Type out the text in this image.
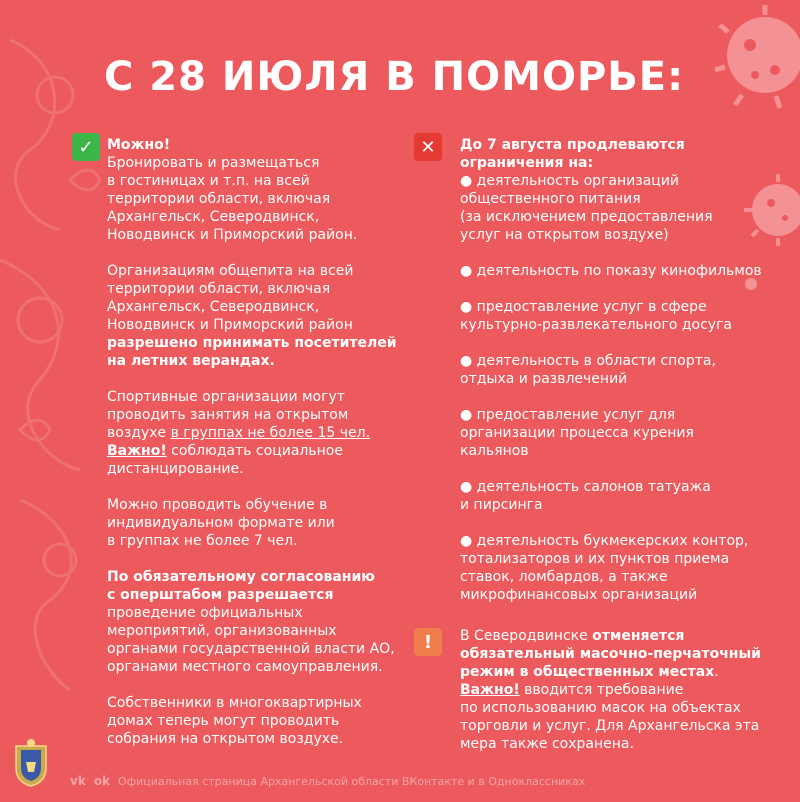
С 28 ИЮЛЯ В ПОМОРЬЕ:
✓	✕
!
Можно!
Бронировать и размещаться
в гостиницах и т.п. на всей
территории области, включая
Архангельск, Северодвинск,
Новодвинск и Приморский район.
Организациям общепита на всей
территории области, включая
Архангельск, Северодвинск,
Новодвинск и Приморский район
разрешено принимать посетителей
на летних верандах.
Спортивные организации могут
проводить занятия на открытом
воздухе в группах не более 15 чел.
Важно! соблюдать социальное
дистанцирование.
Можно проводить обучение в
индивидуальном формате или
в группах не более 7 чел.
По обязательному согласованию
с оперштабом разрешается
проведение официальных
мероприятий, организованных
органами государственной власти АО,
органами местного самоуправления.
Собственники в многоквартирных
домах теперь могут проводить
собрания на открытом воздухе.
До 7 августа продлеваются
ограничения на:
● деятельность организаций
общественного питания
(за исключением предоставления
услуг на открытом воздухе)
● деятельность по показу кинофильмов
● предоставление услуг в сфере
культурно-развлекательного досуга
● деятельность в области спорта,
отдыха и развлечений
● предоставление услуг для
организации процесса курения
кальянов
● деятельность салонов татуажа
и пирсинга
● деятельность букмекерских контор,
тотализаторов и их пунктов приема
ставок, ломбардов, а также
микрофинансовых организаций
В Северодвинске отменяется
обязательный масочно-перчаточный
режим в общественных местах.
Важно! вводится требование
по использованию масок на объектах
торговли и услуг. Для Архангельска эта
мера также сохранена.
vk ok Официальная страница Архангельской области ВКонтакте и в Одноклассниках
